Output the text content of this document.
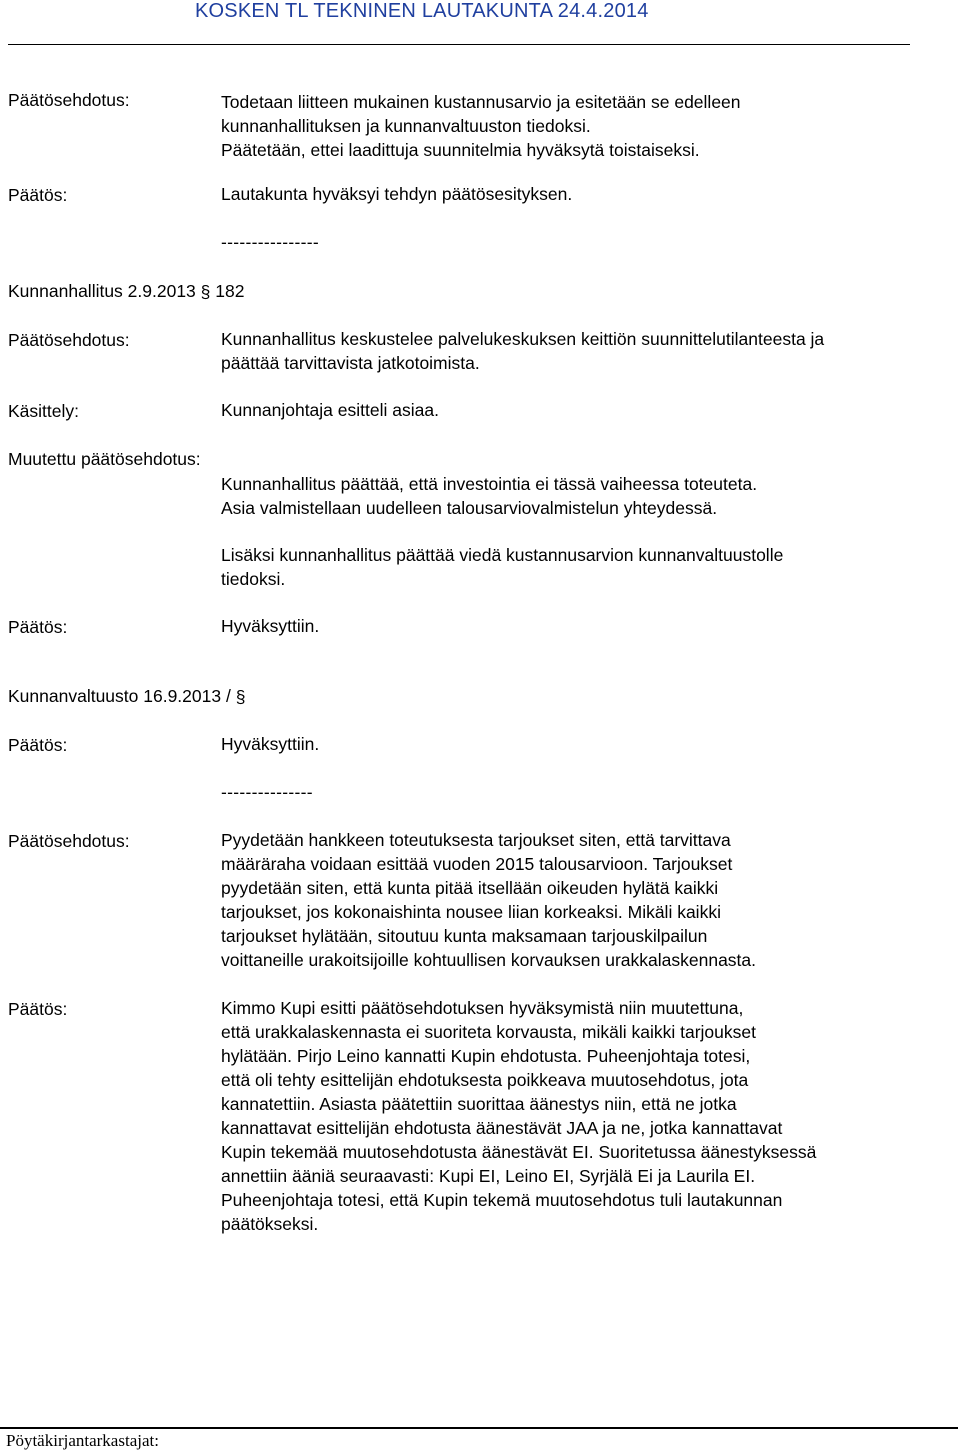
KOSKEN TL TEKNINEN LAUTAKUNTA 24.4.2014
Päätösehdotus:	Todetaan liitteen mukainen kustannusarvio ja esitetään se edelleen
kunnanhallituksen ja kunnanvaltuuston tiedoksi.
Päätetään, ettei laadittuja suunnitelmia hyväksytä toistaiseksi.
Päätös:	Lautakunta hyväksyi tehdyn päätösesityksen.
----------------
Kunnanhallitus 2.9.2013 § 182
Päätösehdotus:	Kunnanhallitus keskustelee palvelukeskuksen keittiön suunnittelutilanteesta ja
päättää tarvittavista jatkotoimista.
Käsittely:	Kunnanjohtaja esitteli asiaa.
Muutettu päätösehdotus:
Kunnanhallitus päättää, että investointia ei tässä vaiheessa toteuteta.
Asia valmistellaan uudelleen talousarviovalmistelun yhteydessä.
Lisäksi kunnanhallitus päättää viedä kustannusarvion kunnanvaltuustolle
tiedoksi.
Päätös:	Hyväksyttiin.
Kunnanvaltuusto 16.9.2013 / §
Päätös:	Hyväksyttiin.
---------------
Päätösehdotus:	Pyydetään hankkeen toteutuksesta tarjoukset siten, että tarvittava
määräraha voidaan esittää vuoden 2015 talousarvioon. Tarjoukset
pyydetään siten, että kunta pitää itsellään oikeuden hylätä kaikki
tarjoukset, jos kokonaishinta nousee liian korkeaksi. Mikäli kaikki
tarjoukset hylätään, sitoutuu kunta maksamaan tarjouskilpailun
voittaneille urakoitsijoille kohtuullisen korvauksen urakkalaskennasta.
Päätös:	Kimmo Kupi esitti päätösehdotuksen hyväksymistä niin muutettuna,
että urakkalaskennasta ei suoriteta korvausta, mikäli kaikki tarjoukset
hylätään. Pirjo Leino kannatti Kupin ehdotusta. Puheenjohtaja totesi,
että oli tehty esittelijän ehdotuksesta poikkeava muutosehdotus, jota
kannatettiin. Asiasta päätettiin suorittaa äänestys niin, että ne jotka
kannattavat esittelijän ehdotusta äänestävät JAA ja ne, jotka kannattavat
Kupin tekemää muutosehdotusta äänestävät EI. Suoritetussa äänestyksessä
annettiin ääniä seuraavasti: Kupi EI, Leino EI, Syrjälä Ei ja Laurila EI.
Puheenjohtaja totesi, että Kupin tekemä muutosehdotus tuli lautakunnan
päätökseksi.
Pöytäkirjantarkastajat:
